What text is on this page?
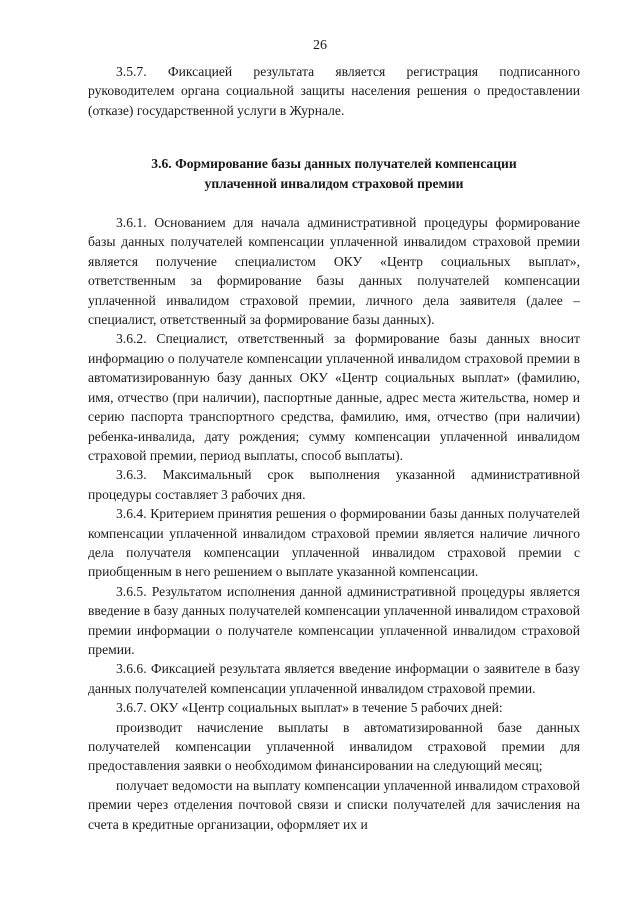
26

3.5.7. Фиксацией результата является регистрация подписанного руководителем органа социальной защиты населения решения о предоставлении (отказе) государственной услуги в Журнале.

3.6. Формирование базы данных получателей компенсации
уплаченной инвалидом страховой премии

3.6.1. Основанием для начала административной процедуры формирование базы данных получателей компенсации уплаченной инвалидом страховой премии является получение специалистом ОКУ «Центр социальных выплат», ответственным за формирование базы данных получателей компенсации уплаченной инвалидом страховой премии, личного дела заявителя (далее – специалист, ответственный за формирование базы данных).

3.6.2. Специалист, ответственный за формирование базы данных вносит информацию о получателе компенсации уплаченной инвалидом страховой премии в автоматизированную базу данных ОКУ «Центр социальных выплат» (фамилию, имя, отчество (при наличии), паспортные данные, адрес места жительства, номер и серию паспорта транспортного средства, фамилию, имя, отчество (при наличии) ребенка-инвалида, дату рождения; сумму компенсации уплаченной инвалидом страховой премии, период выплаты, способ выплаты).

3.6.3. Максимальный срок выполнения указанной административной процедуры составляет 3 рабочих дня.

3.6.4. Критерием принятия решения о формировании базы данных получателей компенсации уплаченной инвалидом страховой премии является наличие личного дела получателя компенсации уплаченной инвалидом страховой премии с приобщенным в него решением о выплате указанной компенсации.

3.6.5. Результатом исполнения данной административной процедуры является введение в базу данных получателей компенсации уплаченной инвалидом страховой премии информации о получателе компенсации уплаченной инвалидом страховой премии.

3.6.6. Фиксацией результата является введение информации о заявителе в базу данных получателей компенсации уплаченной инвалидом страховой премии.

3.6.7. ОКУ «Центр социальных выплат» в течение 5 рабочих дней:

производит начисление выплаты в автоматизированной базе данных получателей компенсации уплаченной инвалидом страховой премии для предоставления заявки о необходимом финансировании на следующий месяц;

получает ведомости на выплату компенсации уплаченной инвалидом страховой премии через отделения почтовой связи и списки получателей для зачисления на счета в кредитные организации, оформляет их и
